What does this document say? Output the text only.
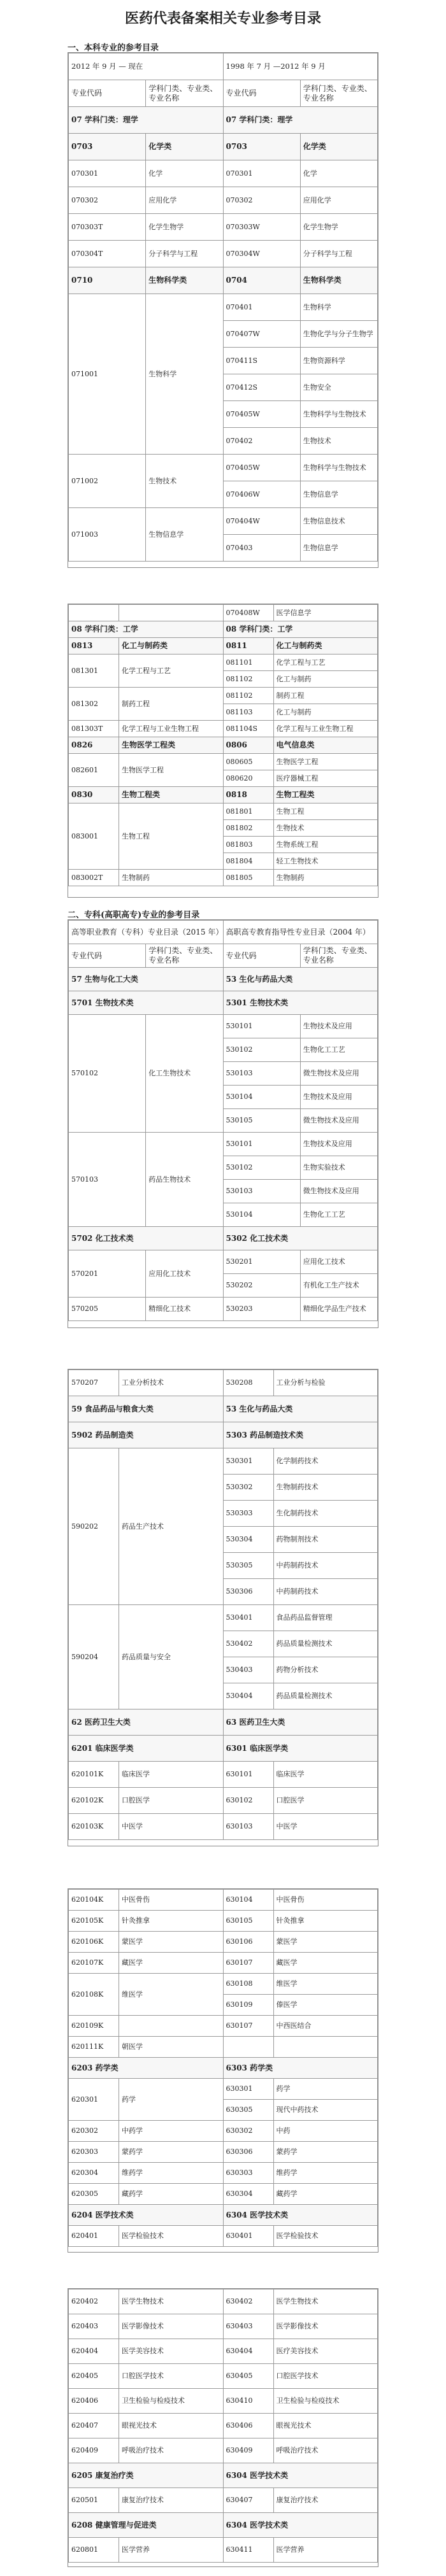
医药代表备案相关专业参考目录
一、本科专业的参考目录
2012 年 9 月 — 现在		1998 年 7 月 —2012 年 9 月	
专业代码	学科门类、专业类、专业名称	专业代码	学科门类、专业类、专业名称
07 学科门类：理学		07 学科门类：理学	
0703	化学类	0703	化学类
070301	化学	070301	化学
070302	应用化学	070302	应用化学
070303T	化学生物学	070303W	化学生物学
070304T	分子科学与工程	070304W	分子科学与工程
0710	生物科学类	0704	生物科学类
071001	生物科学	070401	生物科学
		070407W	生物化学与分子生物学
		070411S	生物资源科学
		070412S	生物安全
		070405W	生物科学与生物技术
		070402	生物技术
071002	生物技术	070405W	生物科学与生物技术
		070406W	生物信息学
071003	生物信息学	070404W	生物信息技术
		070403	生物信息学
		070408W	医学信息学
08 学科门类：工学		08 学科门类：工学	
0813	化工与制药类	0811	化工与制药类
081301	化学工程与工艺	081101	化学工程与工艺
		081102	化工与制药
081302	制药工程	081102	制药工程
		081103	化工与制药
081303T	化学工程与工业生物工程	081104S	化学工程与工业生物工程
0826	生物医学工程类	0806	电气信息类
082601	生物医学工程	080605	生物医学工程
		080620	医疗器械工程
0830	生物工程类	0818	生物工程类
083001	生物工程	081801	生物工程
		081802	生物技术
		081803	生物系统工程
		081804	轻工生物技术
083002T	生物制药	081805	生物制药
二、专科(高职高专)专业的参考目录
高等职业教育（专科）专业目录（2015 年）		高职高专教育指导性专业目录（2004 年）	
专业代码	学科门类、专业类、专业名称	专业代码	学科门类、专业类、专业名称
57 生物与化工大类		53 生化与药品大类	
5701 生物技术类		5301 生物技术类	
570102	化工生物技术	530101	生物技术及应用
		530102	生物化工工艺
		530103	微生物技术及应用
		530104	生物技术及应用
		530105	微生物技术及应用
570103	药品生物技术	530101	生物技术及应用
		530102	生物实验技术
		530103	微生物技术及应用
		530104	生物化工工艺
5702 化工技术类		5302 化工技术类	
570201	应用化工技术	530201	应用化工技术
		530202	有机化工生产技术
570205	精细化工技术	530203	精细化学品生产技术
570207	工业分析技术	530208	工业分析与检验
59 食品药品与粮食大类		53 生化与药品大类	
5902 药品制造类		5303 药品制造技术类	
590202	药品生产技术	530301	化学制药技术
		530302	生物制药技术
		530303	生化制药技术
		530304	药物制剂技术
		530305	中药制药技术
		530306	中药制药技术
590204	药品质量与安全	530401	食品药品监督管理
		530402	药品质量检测技术
		530403	药物分析技术
		530404	药品质量检测技术
62 医药卫生大类		63 医药卫生大类	
6201 临床医学类		6301 临床医学类	
620101K	临床医学	630101	临床医学
620102K	口腔医学	630102	口腔医学
620103K	中医学	630103	中医学
620104K	中医骨伤	630104	中医骨伤
620105K	针灸推拿	630105	针灸推拿
620106K	蒙医学	630106	蒙医学
620107K	藏医学	630107	藏医学
620108K	维医学	630108	维医学
		630109	傣医学
620109K		630107	中西医结合
620111K	朝医学		
6203 药学类		6303 药学类	
620301	药学	630301	药学
		630305	现代中药技术
620302	中药学	630302	中药
620303	蒙药学	630306	蒙药学
620304	维药学	630303	维药学
620305	藏药学	630304	藏药学
6204 医学技术类		6304 医学技术类	
620401	医学检验技术	630401	医学检验技术
620402	医学生物技术	630402	医学生物技术
620403	医学影像技术	630403	医学影像技术
620404	医学美容技术	630404	医疗美容技术
620405	口腔医学技术	630405	口腔医学技术
620406	卫生检验与检疫技术	630410	卫生检验与检疫技术
620407	眼视光技术	630406	眼视光技术
620409	呼吸治疗技术	630409	呼吸治疗技术
6205 康复治疗类		6304 医学技术类	
620501	康复治疗技术	630407	康复治疗技术
6208 健康管理与促进类		6304 医学技术类	
620801	医学营养	630411	医学营养
